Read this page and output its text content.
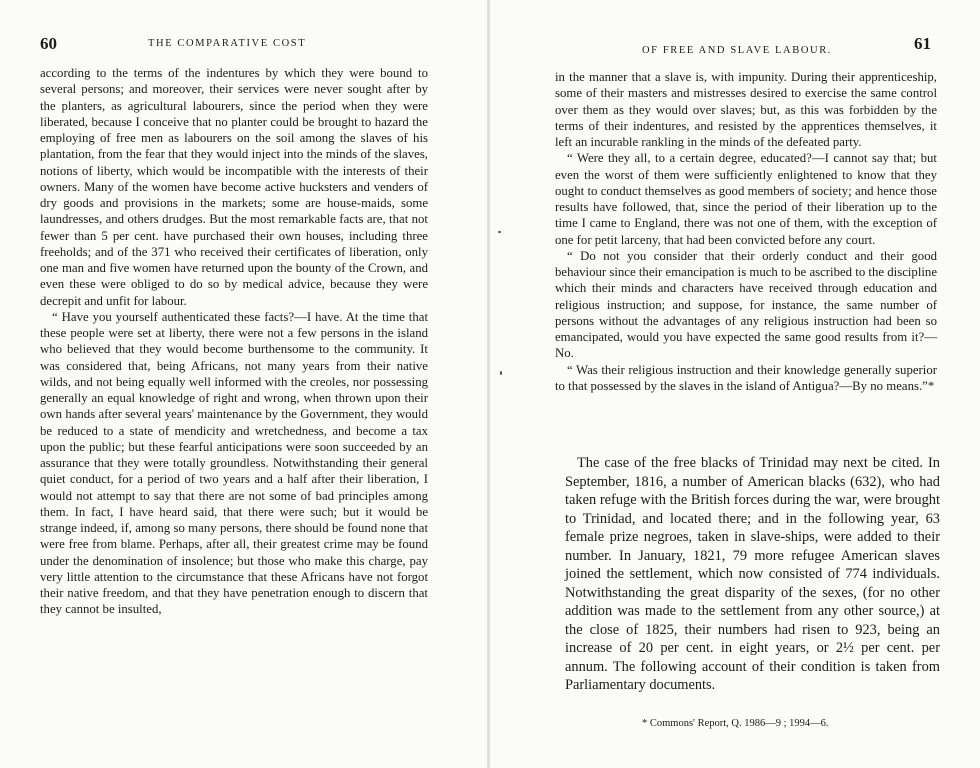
60	THE COMPARATIVE COST

according to the terms of the indentures by which they were bound to several persons; and moreover, their services were never sought after by the planters, as agricultural labourers, since the period when they were liberated, because I conceive that no planter could be brought to hazard the employing of free men as labourers on the soil among the slaves of his plantation, from the fear that they would inject into the minds of the slaves, notions of liberty, which would be incompatible with the interests of their owners. Many of the women have become active hucksters and venders of dry goods and provisions in the markets; some are house-maids, some laundresses, and others drudges. But the most remarkable facts are, that not fewer than 5 per cent. have purchased their own houses, including three freeholds; and of the 371 who received their certificates of liberation, only one man and five women have returned upon the bounty of the Crown, and even these were obliged to do so by medical advice, because they were decrepit and unfit for labour.

“ Have you yourself authenticated these facts?—I have. At the time that these people were set at liberty, there were not a few persons in the island who believed that they would become burthensome to the community. It was considered that, being Africans, not many years from their native wilds, and not being equally well informed with the creoles, nor possessing generally an equal knowledge of right and wrong, when thrown upon their own hands after several years' maintenance by the Government, they would be reduced to a state of mendicity and wretchedness, and become a tax upon the public; but these fearful anticipations were soon succeeded by an assurance that they were totally groundless. Notwithstanding their general quiet conduct, for a period of two years and a half after their liberation, I would not attempt to say that there are not some of bad principles among them. In fact, I have heard said, that there were such; but it would be strange indeed, if, among so many persons, there should be found none that were free from blame. Perhaps, after all, their greatest crime may be found under the denomination of insolence; but those who make this charge, pay very little attention to the circumstance that these Africans have not forgot their native freedom, and that they have penetration enough to discern that they cannot be insulted,

OF FREE AND SLAVE LABOUR.	61

in the manner that a slave is, with impunity. During their apprenticeship, some of their masters and mistresses desired to exercise the same control over them as they would over slaves; but, as this was forbidden by the terms of their indentures, and resisted by the apprentices themselves, it left an incurable rankling in the minds of the defeated party.

“ Were they all, to a certain degree, educated?—I cannot say that; but even the worst of them were sufficiently enlightened to know that they ought to conduct themselves as good members of society; and hence those results have followed, that, since the period of their liberation up to the time I came to England, there was not one of them, with the exception of one for petit larceny, that had been convicted before any court.

“ Do not you consider that their orderly conduct and their good behaviour since their emancipation is much to be ascribed to the discipline which their minds and characters have received through education and religious instruction; and suppose, for instance, the same number of persons without the advantages of any religious instruction had been so emancipated, would you have expected the same good results from it?—No.

“ Was their religious instruction and their knowledge generally superior to that possessed by the slaves in the island of Antigua?—By no means.”*

The case of the free blacks of Trinidad may next be cited. In September, 1816, a number of American blacks (632), who had taken refuge with the British forces during the war, were brought to Trinidad, and located there; and in the following year, 63 female prize negroes, taken in slave-ships, were added to their number. In January, 1821, 79 more refugee American slaves joined the settlement, which now consisted of 774 individuals. Notwithstanding the great disparity of the sexes, (for no other addition was made to the settlement from any other source,) at the close of 1825, their numbers had risen to 923, being an increase of 20 per cent. in eight years, or 2½ per cent. per annum. The following account of their condition is taken from Parliamentary documents.

* Commons' Report, Q. 1986—9 ; 1994—6.
